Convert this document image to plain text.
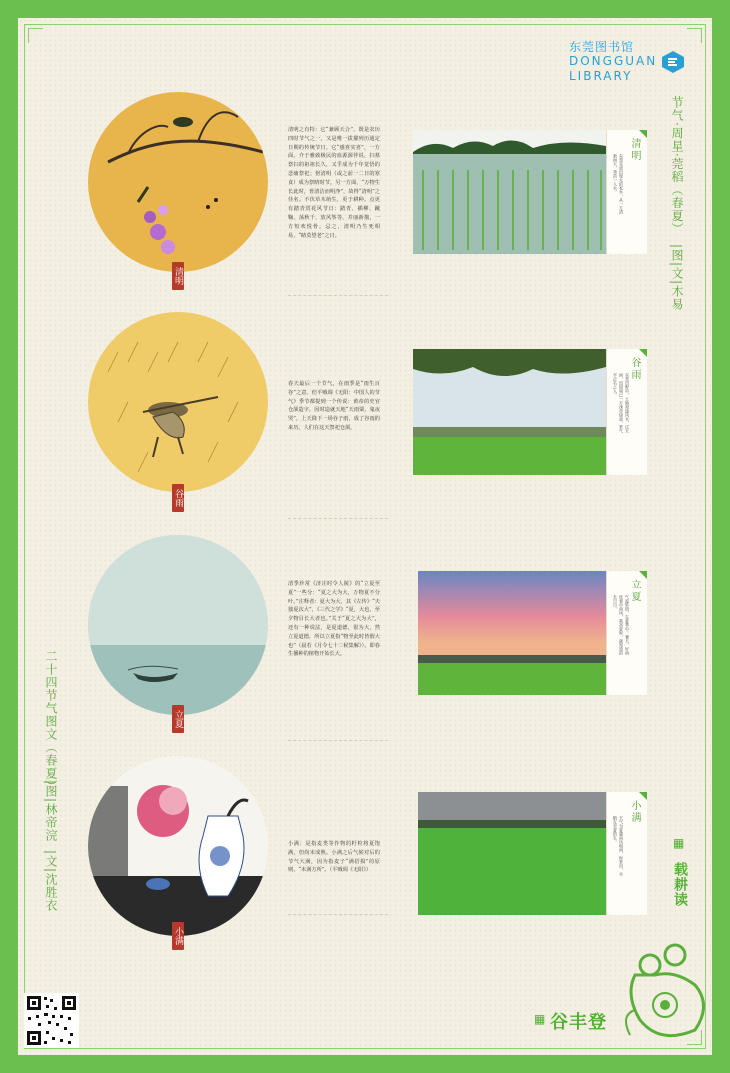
东莞图书馆
DONGGUAN
LIBRARY
节气·周星·莞稻（春夏）
|图|文|木易
二十四节气图文（春夏）
|图|林帝浣
|文|沈胜衣
清明
清明之有特：它“兼顾天合”，既是农历四时节气之一，又是唯一拔擢列历通定日期的传统节日。它“感喜实喜”，一方面，介于雅致极民的血源源伴说，扫墓祭扫的祖祖长久，又乎成为千年觉悟的悲痛祭祀；傍清明（或之前一二日的寒食）成为祭晴时节。另一方面，“万物生长此时，皆清洁而明净”，故得“清明”之佳名。不伏草木萌生，更于耕种。点更有踏青赏花风节日：踏青、插柳、蹴鞠、荡秋千、放风筝等，并丽新描，一方短欢悦骨。忌之，清明乃生死相易，“睹莫望老”之日。
清明
东莞东部出现太的家乡，从一方清新雨天，秀苗一入水。
谷雨
春天最后一个节气，在雨季是“雨生百谷”之意。但平贼调《无阳：中国人的节气》季节都提到一个传说：黄帝的史官仓颉造字，因时造就天地“天雨粟，鬼夜哭”，上天降下一场谷子雨，成了谷雨的来历。人们在这天祭祀仓颉。
谷雨
东莞田野中，土地初逢风水，过天雨，田园间已一方丝草绿意，景气平正名之入。
立夏
清季珍常《济注时令人陵》的“立夏至夏”一些分：“夏之大为大，万物夏不分叶。”注释者：夏大为大，其《左传》“夫独夏次大”，《三代之学》“夏，大也，至夕物目长大者也。”关于“夏之大为大”，还有一种说法，是夏道德，很为大，然立夏道德，所以立夏指“物至此时皆假大也”（晨若《月令七十二候集解》），即春生播种的植物开始长大。
立夏
气温转热，在夏季中。暑天，好雨连着中南风，我初夏时，就知道的长日日。
小满
小满：是指麦类等作物的籽粒将夏饱满，但尚未成熟。小满之后气候对后的节气大满，因为指麦子“满招损”的原则，“未满方所”。（平贼调《无阳》）
小满
天气为夏越南风相同，时景田，水稻在至夏的生。	▦
载耕读
▦ 谷丰登
